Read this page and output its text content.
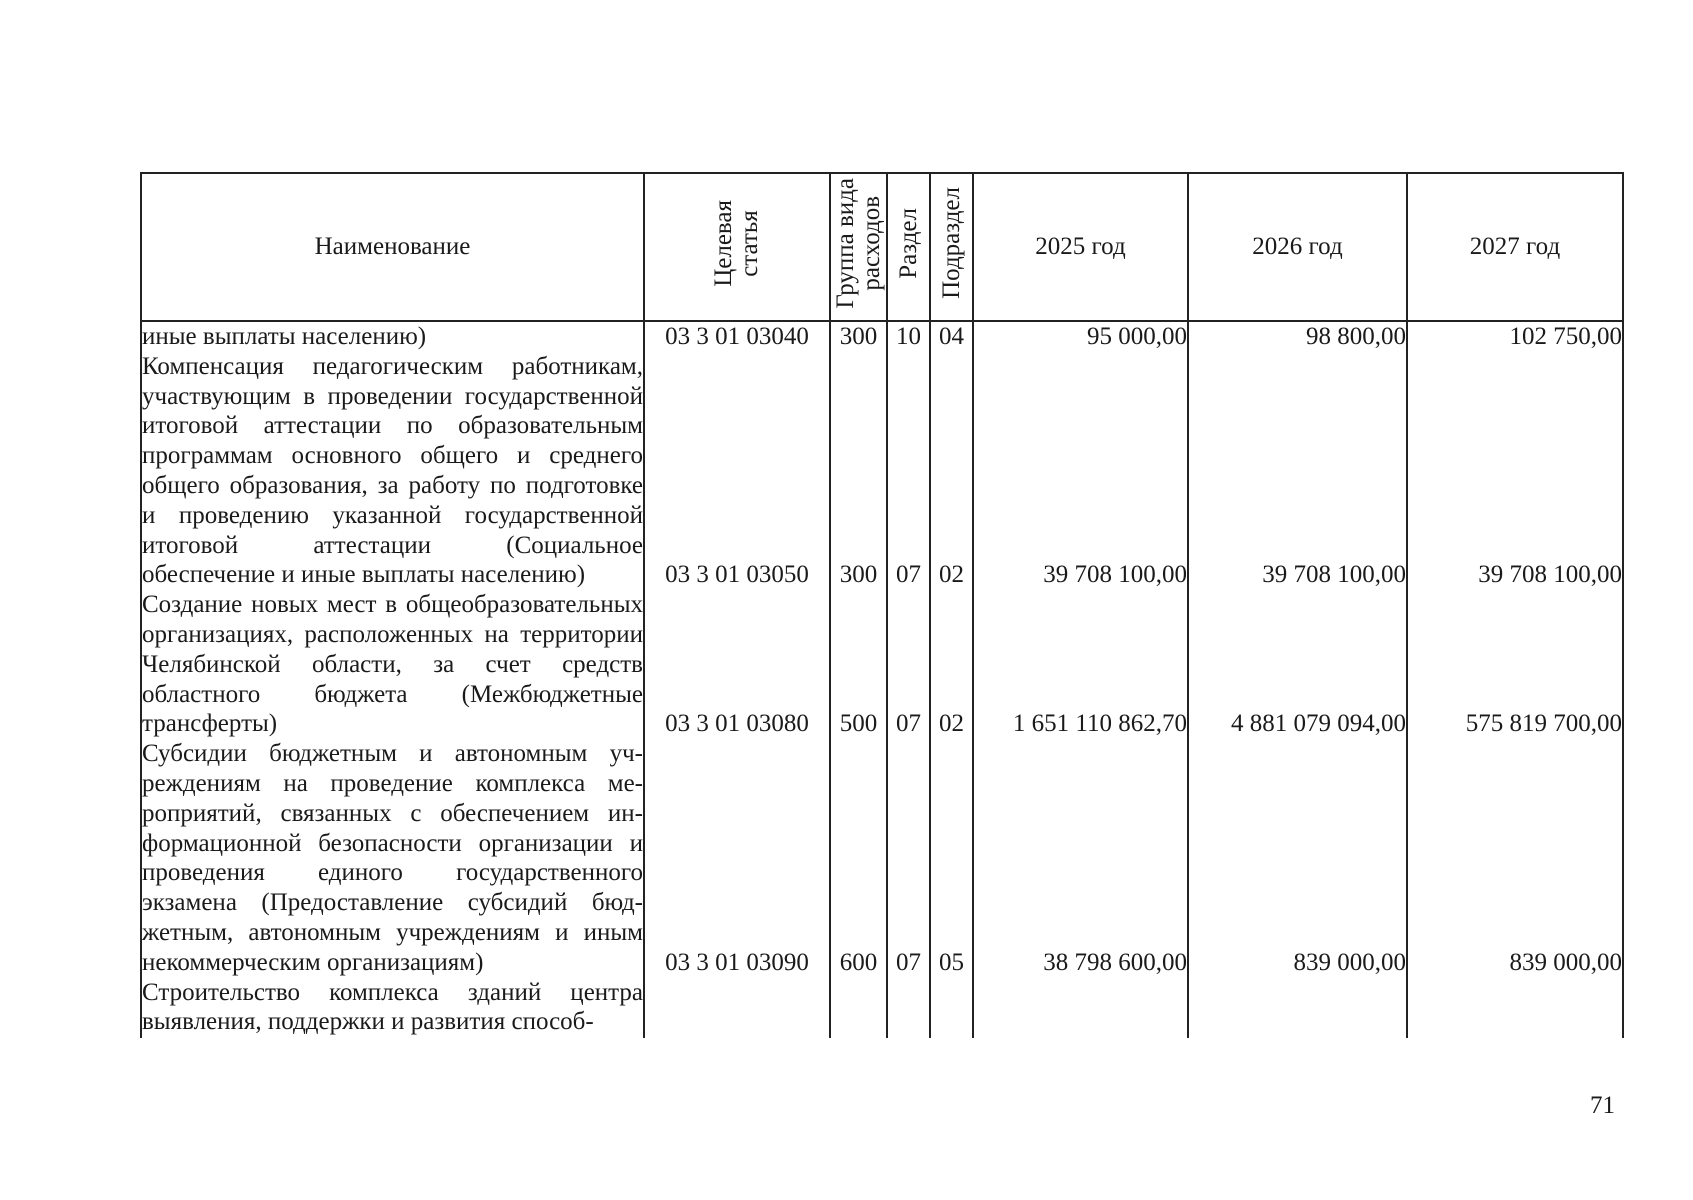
Наименование	Целевая статья	Группа вида расходов	Раздел	Подраздел	2025 год	2026 год	2027 год
иные выплаты населению)	03 3 01 03040	300	10	04	95 000,00	98 800,00	102 750,00
Компенсация педагогическим работникам, участвующим в проведении государственной итоговой аттестации по образовательным программам основного общего и среднего общего образования, за работу по подготовке и проведению указанной государственной итоговой аттестации (Социальное обеспечение и иные выплаты населению)	03 3 01 03050	300	07	02	39 708 100,00	39 708 100,00	39 708 100,00
Создание новых мест в общеобразовательных организациях, расположенных на территории Челябинской области, за счет средств областного бюджета (Межбюджетные трансферты)	03 3 01 03080	500	07	02	1 651 110 862,70	4 881 079 094,00	575 819 700,00
Субсидии бюджетным и автономным учреждениям на проведение комплекса мероприятий, связанных с обеспечением информационной безопасности организации и проведения единого государственного экзамена (Предоставление субсидий бюджетным, автономным учреждениям и иным некоммерческим организациям)	03 3 01 03090	600	07	05	38 798 600,00	839 000,00	839 000,00
Строительство комплекса зданий центра выявления, поддержки и развития способ-							
71
